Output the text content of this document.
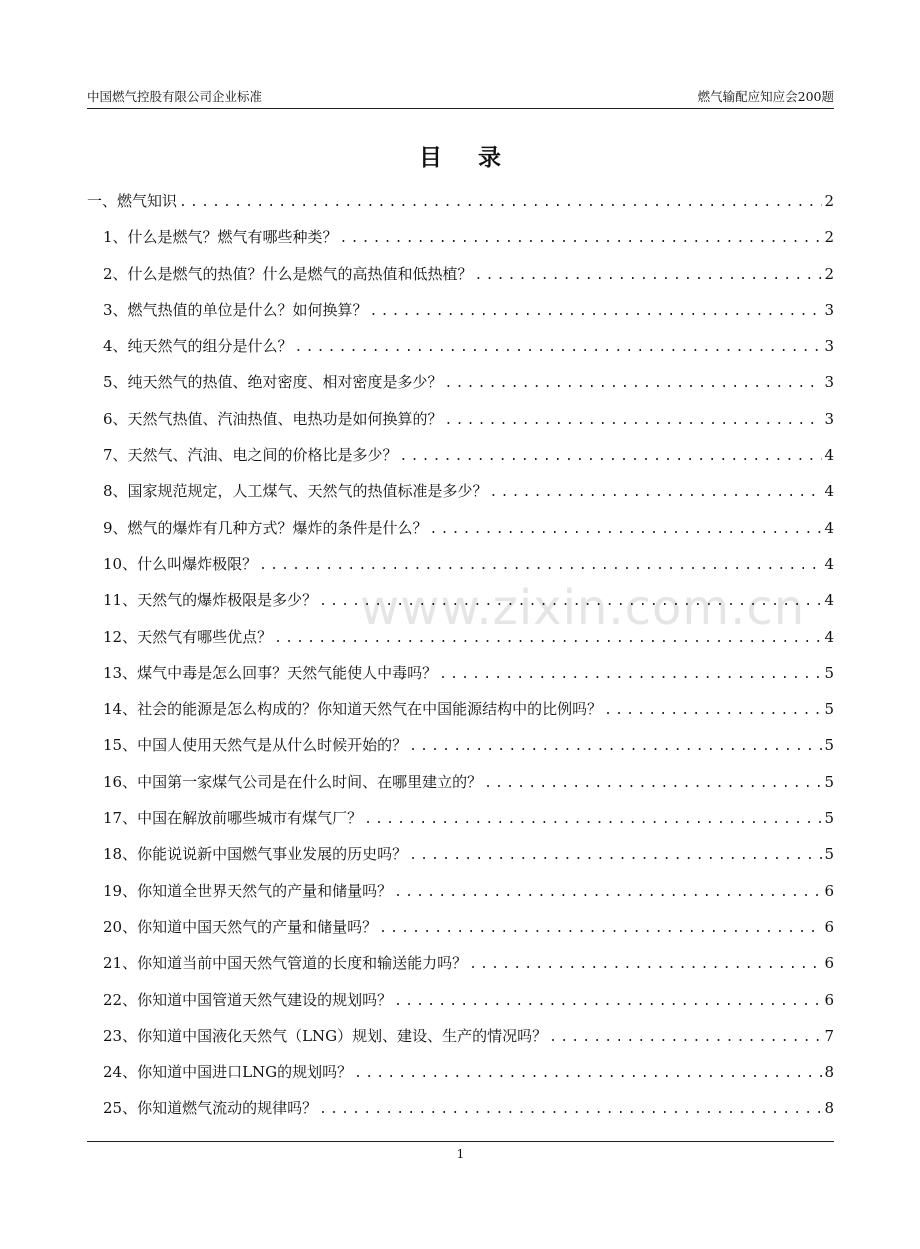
中国燃气控股有限公司企业标准	燃气输配应知应会200题
目录
www.zixin.com.cn
一、燃气知识 .....	2
1、什么是燃气？燃气有哪些种类？ .....	2
2、什么是燃气的热值？什么是燃气的高热值和低热植？ .....	2
3、燃气热值的单位是什么？如何换算？ .....	3
4、纯天然气的组分是什么？ .....	3
5、纯天然气的热值、绝对密度、相对密度是多少？ .....	3
6、天然气热值、汽油热值、电热功是如何换算的？ .....	3
7、天然气、汽油、电之间的价格比是多少？ .....	4
8、国家规范规定，人工煤气、天然气的热值标准是多少？ .....	4
9、燃气的爆炸有几种方式？爆炸的条件是什么？ .....	4
10、什么叫爆炸极限？ .....	4
11、天然气的爆炸极限是多少？ .....	4
12、天然气有哪些优点？ .....	4
13、煤气中毒是怎么回事？天然气能使人中毒吗？ .....	5
14、社会的能源是怎么构成的？你知道天然气在中国能源结构中的比例吗？ .....	5
15、中国人使用天然气是从什么时候开始的？ .....	5
16、中国第一家煤气公司是在什么时间、在哪里建立的？ .....	5
17、中国在解放前哪些城市有煤气厂？ .....	5
18、你能说说新中国燃气事业发展的历史吗？ .....	5
19、你知道全世界天然气的产量和储量吗？ .....	6
20、你知道中国天然气的产量和储量吗？ .....	6
21、你知道当前中国天然气管道的长度和输送能力吗？ .....	6
22、你知道中国管道天然气建设的规划吗？ .....	6
23、你知道中国液化天然气（LNG）规划、建设、生产的情况吗？ .....	7
24、你知道中国进口LNG的规划吗？ .....	8
25、你知道燃气流动的规律吗？ .....	8
1
